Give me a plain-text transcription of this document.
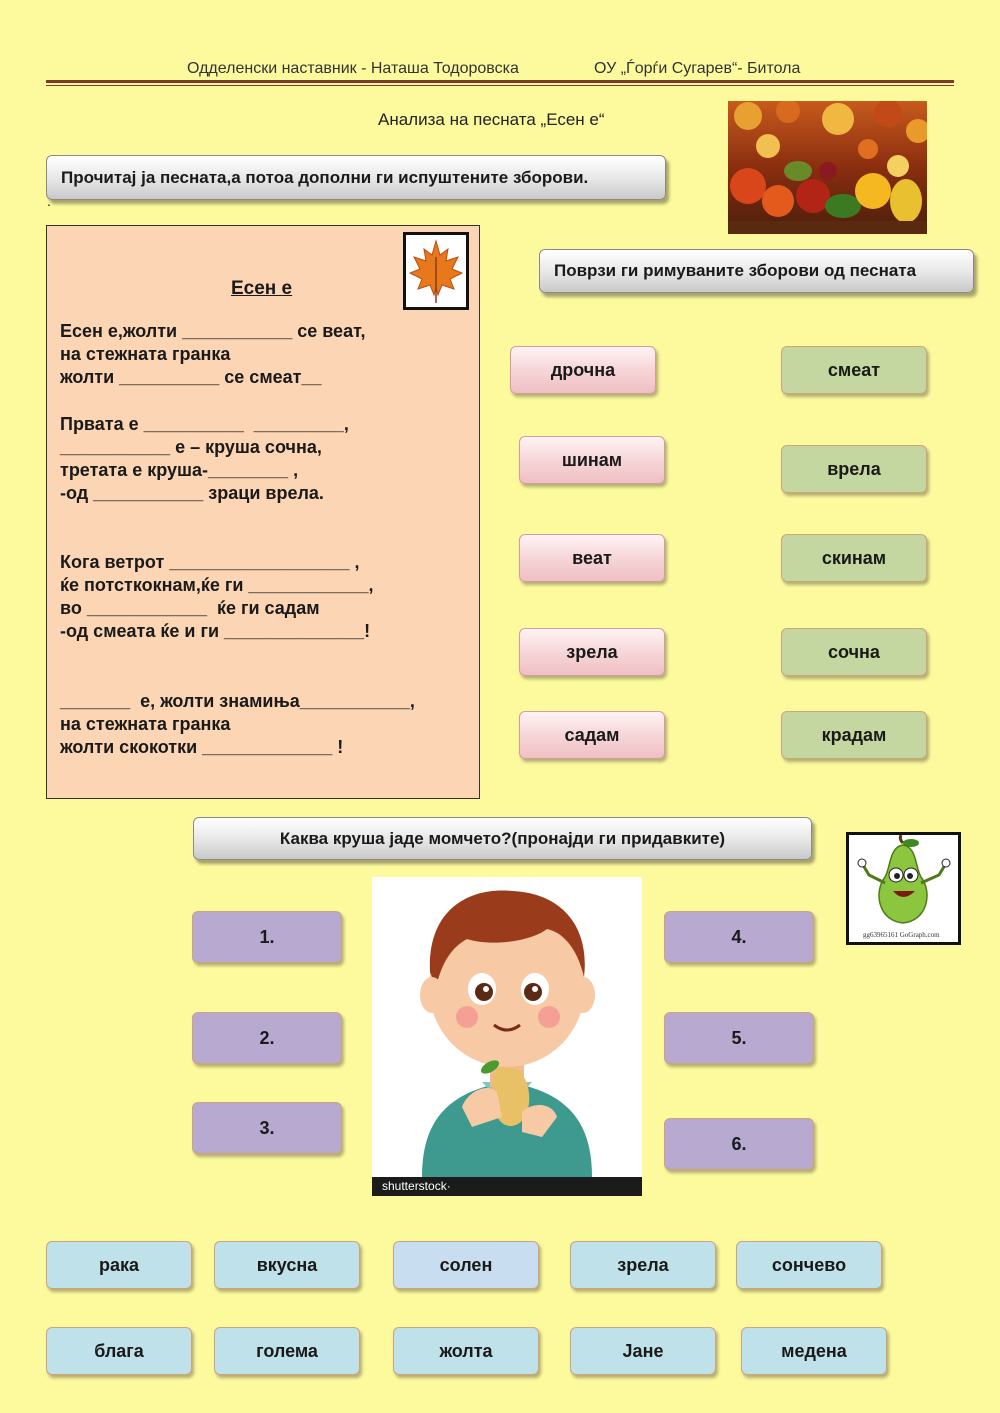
Одделенски наставник - Наташа Тодоровска	ОУ „Ѓорѓи Сугарев“- Битола
Анализа на песната „Есен е“
Прочитај ја песната,а потоа дополни ги испуштените зборови.
.
Есен е
Есен е,жолти ___________ се веат,
на стежната гранка
жолти __________ се смеат__
Првата е __________  _________,
___________ е – круша сочна,
третата е круша-________ ,
-од ___________ зраци врела.
Кога ветрот __________________ ,
ќе потсткокнам,ќе ги ____________,
во ____________  ќе ги садам
-од смеата ќе и ги ______________!
_______  е, жолти знамиња___________,
на стежната гранка
жолти скокотки _____________ !
Поврзи ги римуваните зборови од песната
дрочна
шинам
веат
зрела
садам
смеат
врела
скинам
сочна
крадам
Каква круша јаде момчето?(пронајди ги придавките)
gg63965161 GoGraph.com
shutterstock·
1.
2.
3.
4.
5.
6.
рака	вкусна	солен	зрела	сончево
блага	голема	жолта	Јане	медена
